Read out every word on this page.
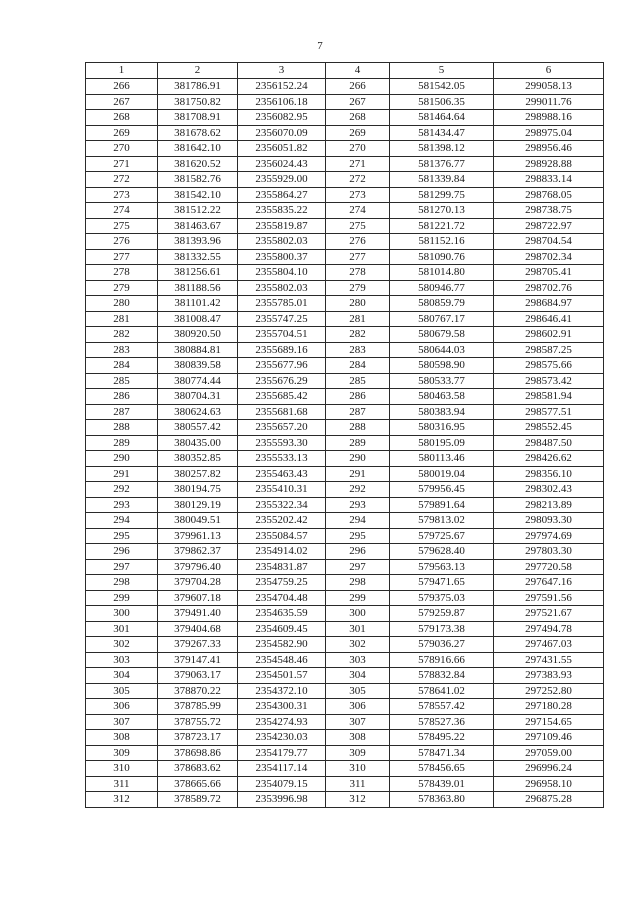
7
1	2	3	4	5	6
266	381786.91	2356152.24	266	581542.05	299058.13
267	381750.82	2356106.18	267	581506.35	299011.76
268	381708.91	2356082.95	268	581464.64	298988.16
269	381678.62	2356070.09	269	581434.47	298975.04
270	381642.10	2356051.82	270	581398.12	298956.46
271	381620.52	2356024.43	271	581376.77	298928.88
272	381582.76	2355929.00	272	581339.84	298833.14
273	381542.10	2355864.27	273	581299.75	298768.05
274	381512.22	2355835.22	274	581270.13	298738.75
275	381463.67	2355819.87	275	581221.72	298722.97
276	381393.96	2355802.03	276	581152.16	298704.54
277	381332.55	2355800.37	277	581090.76	298702.34
278	381256.61	2355804.10	278	581014.80	298705.41
279	381188.56	2355802.03	279	580946.77	298702.76
280	381101.42	2355785.01	280	580859.79	298684.97
281	381008.47	2355747.25	281	580767.17	298646.41
282	380920.50	2355704.51	282	580679.58	298602.91
283	380884.81	2355689.16	283	580644.03	298587.25
284	380839.58	2355677.96	284	580598.90	298575.66
285	380774.44	2355676.29	285	580533.77	298573.42
286	380704.31	2355685.42	286	580463.58	298581.94
287	380624.63	2355681.68	287	580383.94	298577.51
288	380557.42	2355657.20	288	580316.95	298552.45
289	380435.00	2355593.30	289	580195.09	298487.50
290	380352.85	2355533.13	290	580113.46	298426.62
291	380257.82	2355463.43	291	580019.04	298356.10
292	380194.75	2355410.31	292	579956.45	298302.43
293	380129.19	2355322.34	293	579891.64	298213.89
294	380049.51	2355202.42	294	579813.02	298093.30
295	379961.13	2355084.57	295	579725.67	297974.69
296	379862.37	2354914.02	296	579628.40	297803.30
297	379796.40	2354831.87	297	579563.13	297720.58
298	379704.28	2354759.25	298	579471.65	297647.16
299	379607.18	2354704.48	299	579375.03	297591.56
300	379491.40	2354635.59	300	579259.87	297521.67
301	379404.68	2354609.45	301	579173.38	297494.78
302	379267.33	2354582.90	302	579036.27	297467.03
303	379147.41	2354548.46	303	578916.66	297431.55
304	379063.17	2354501.57	304	578832.84	297383.93
305	378870.22	2354372.10	305	578641.02	297252.80
306	378785.99	2354300.31	306	578557.42	297180.28
307	378755.72	2354274.93	307	578527.36	297154.65
308	378723.17	2354230.03	308	578495.22	297109.46
309	378698.86	2354179.77	309	578471.34	297059.00
310	378683.62	2354117.14	310	578456.65	296996.24
311	378665.66	2354079.15	311	578439.01	296958.10
312	378589.72	2353996.98	312	578363.80	296875.28
